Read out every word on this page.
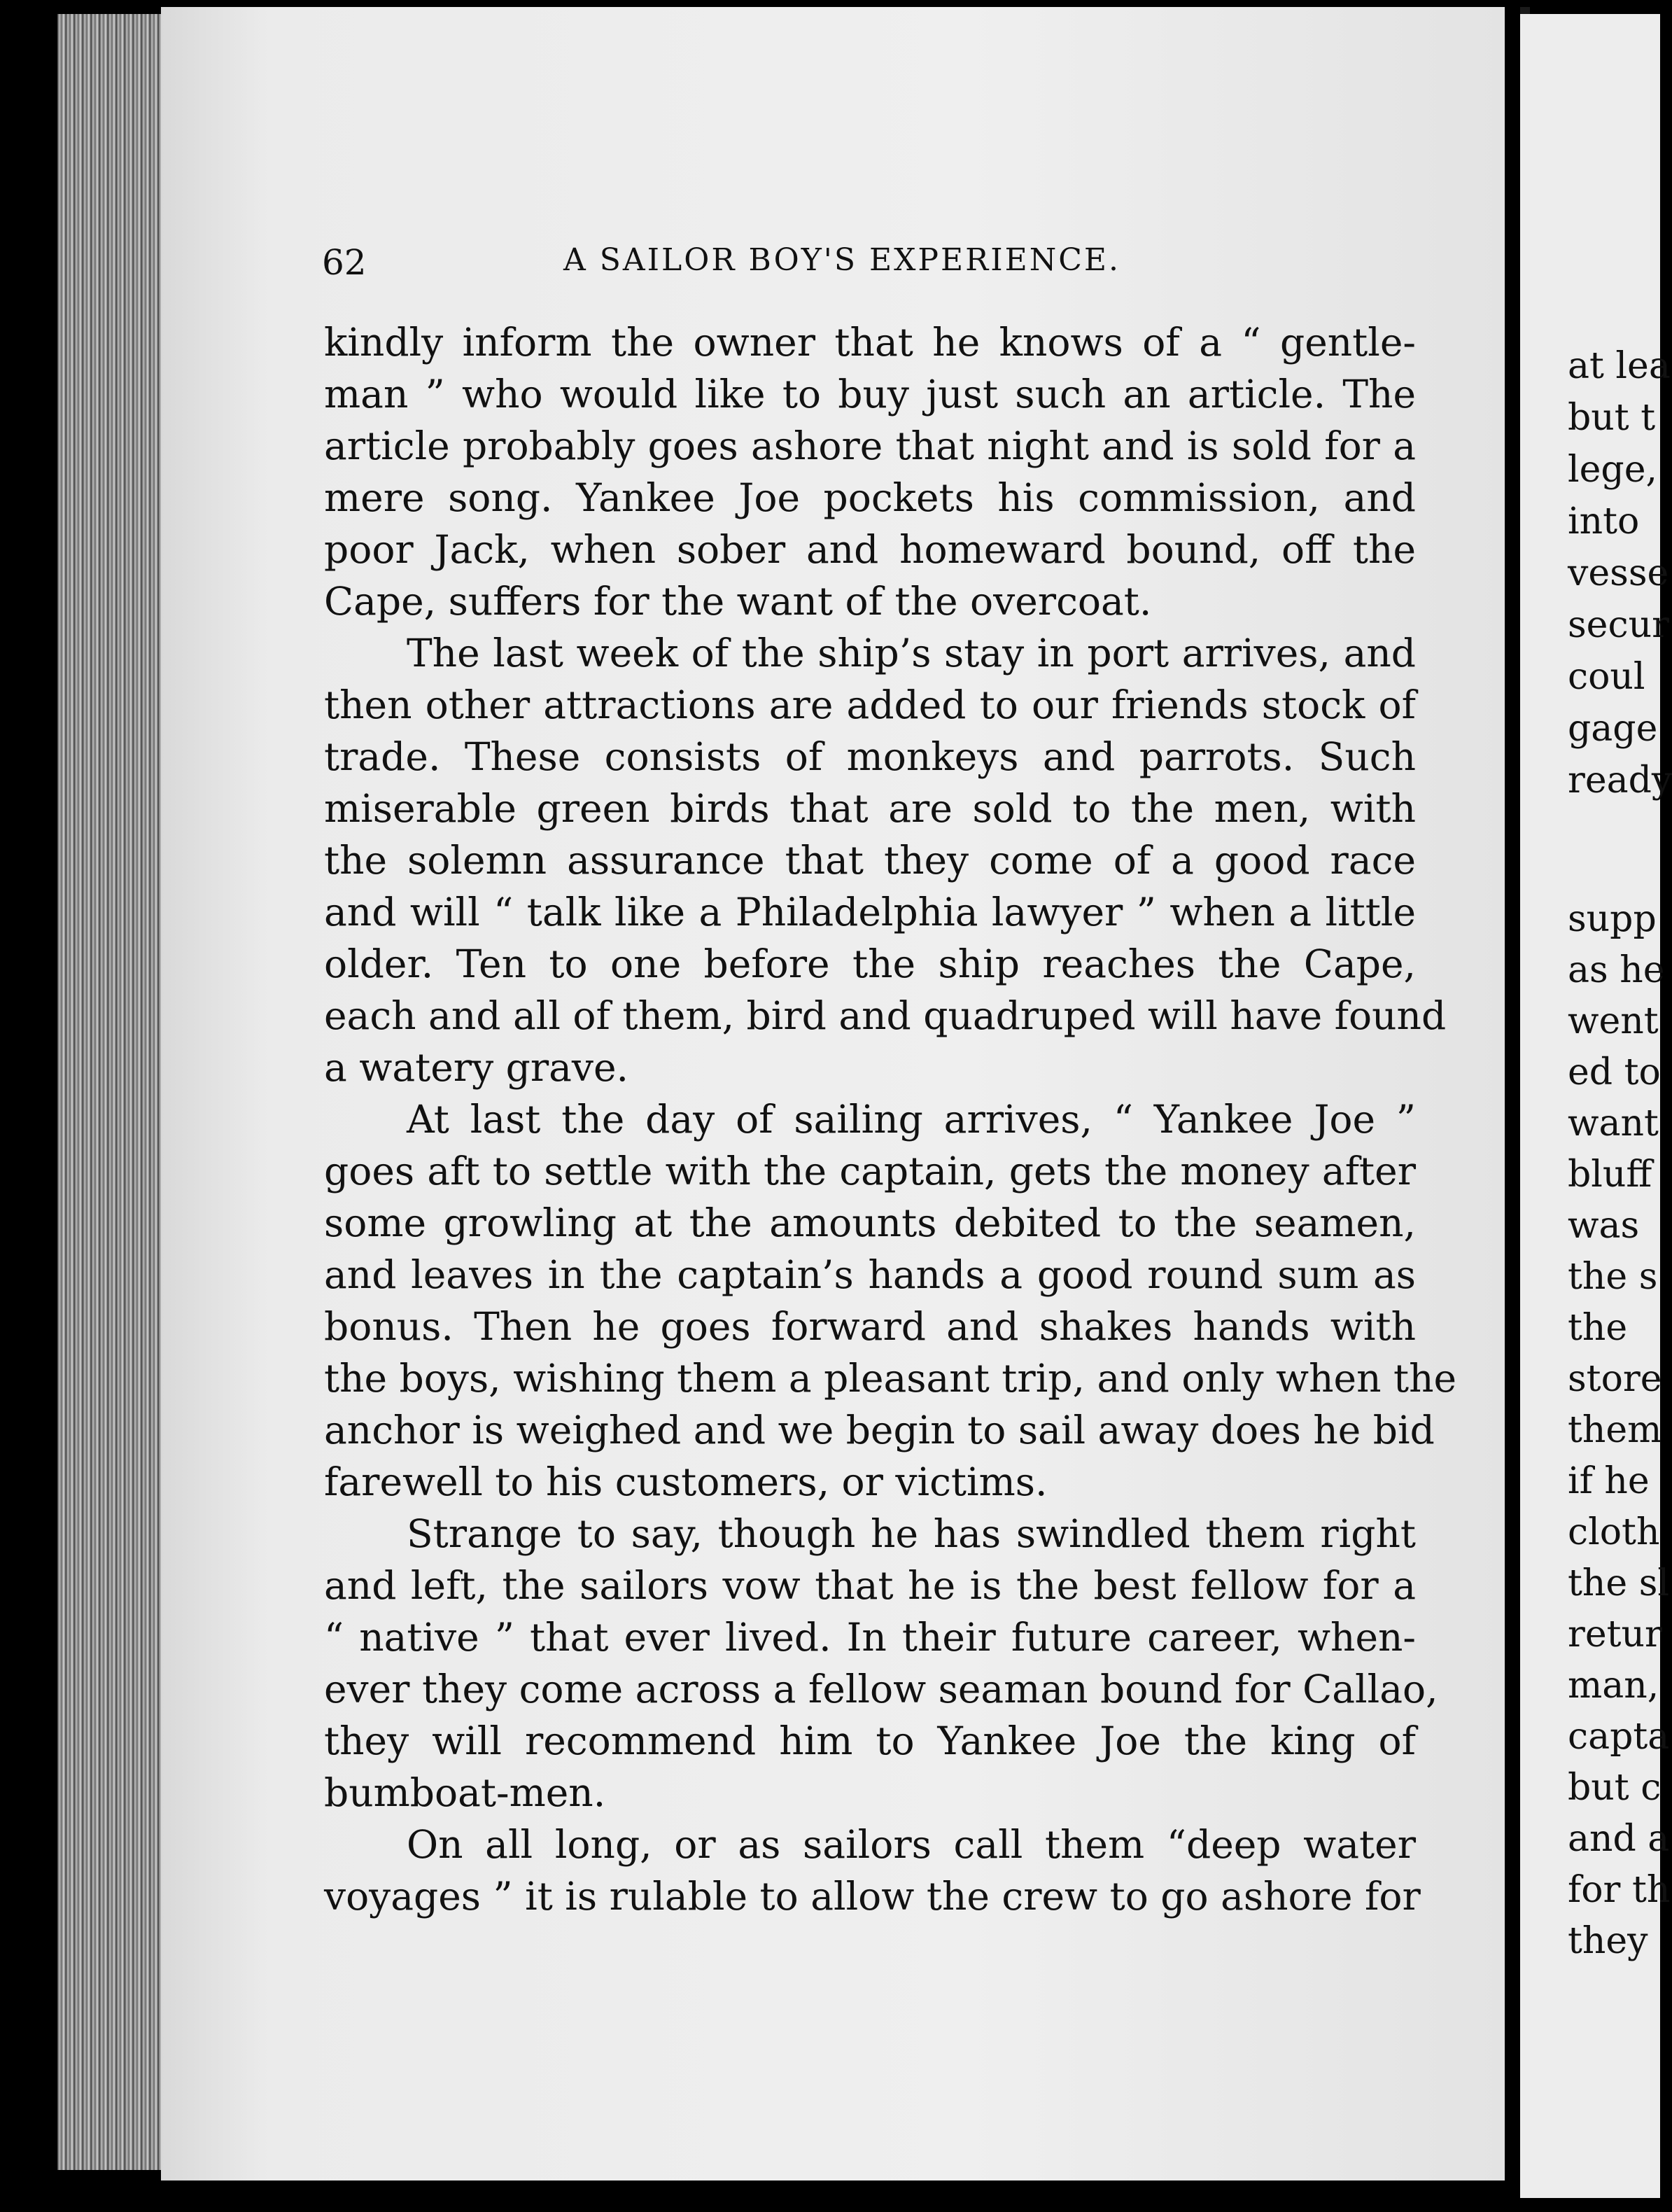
62	A SAILOR BOY'S EXPERIENCE.
kindly inform the owner that he knows of a “ gentle-
man ” who would like to buy just such an article. The
article probably goes ashore that night and is sold for a
mere song. Yankee Joe pockets his commission, and
poor Jack, when sober and homeward bound, off the
Cape, suffers for the want of the overcoat.
The last week of the ship’s stay in port arrives, and
then other attractions are added to our friends stock of
trade. These consists of monkeys and parrots. Such
miserable green birds that are sold to the men, with
the solemn assurance that they come of a good race
and will “ talk like a Philadelphia lawyer ” when a little
older. Ten to one before the ship reaches the Cape,
each and all of them, bird and quadruped will have found
a watery grave.
At last the day of sailing arrives, “ Yankee Joe ”
goes aft to settle with the captain, gets the money after
some growling at the amounts debited to the seamen,
and leaves in the captain’s hands a good round sum as
bonus. Then he goes forward and shakes hands with
the boys, wishing them a pleasant trip, and only when the
anchor is weighed and we begin to sail away does he bid
farewell to his customers, or victims.
Strange to say, though he has swindled them right
and left, the sailors vow that he is the best fellow for a
“ native ” that ever lived. In their future career, when-
ever they come across a fellow seaman bound for Callao,
they will recommend him to Yankee Joe the king of
bumboat-men.
On all long, or as sailors call them “deep water
voyages ” it is rulable to allow the crew to go ashore for
at lea
but t
lege,
into
vesse
secur
coul
gage
ready
supp
as he
went
ed to
want
bluff
was
the s
the
store
them
if he
cloth
the sl
retur
man,
capta
but c
and a
for th
they
